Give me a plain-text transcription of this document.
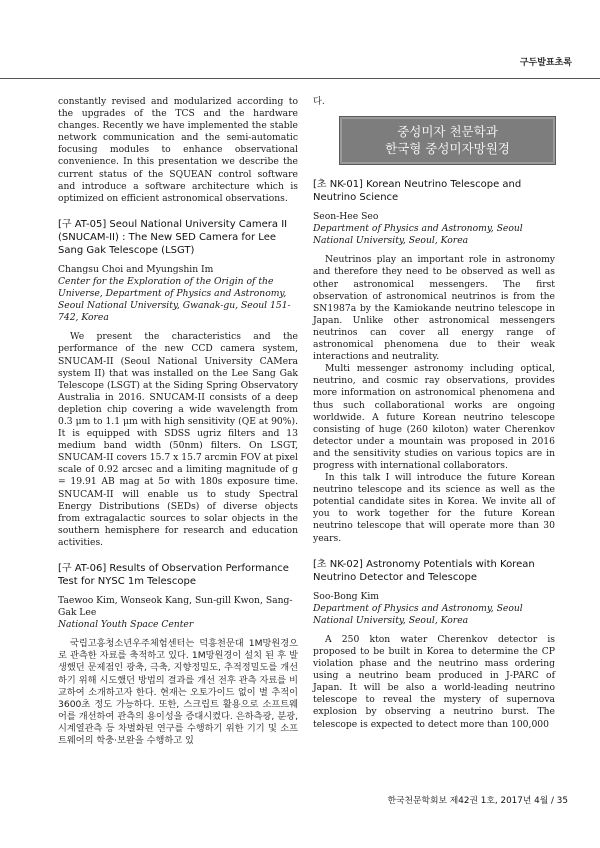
구두발표초록

constantly revised and modularized according to the upgrades of the TCS and the hardware changes. Recently we have implemented the stable network communication and the semi-automatic focusing modules to enhance observational convenience. In this presentation we describe the current status of the SQUEAN control software and introduce a software architecture which is optimized on efficient astronomical observations.

[구 AT-05] Seoul National University Camera II (SNUCAM-II) : The New SED Camera for Lee Sang Gak Telescope (LSGT)

Changsu Choi and Myungshin Im

Center for the Exploration of the Origin of the Universe, Department of Physics and Astronomy, Seoul National University, Gwanak-gu, Seoul 151-742, Korea

We present the characteristics and the performance of the new CCD camera system, SNUCAM-II (Seoul National University CAMera system II) that was installed on the Lee Sang Gak Telescope (LSGT) at the Siding Spring Observatory Australia in 2016. SNUCAM-II consists of a deep depletion chip covering a wide wavelength from 0.3 μm to 1.1 μm with high sensitivity (QE at 90%). It is equipped with SDSS ugriz filters and 13 medium band width (50nm) filters. On LSGT, SNUCAM-II covers 15.7 x 15.7 arcmin FOV at pixel scale of 0.92 arcsec and a limiting magnitude of g = 19.91 AB mag at 5σ with 180s exposure time. SNUCAM-II will enable us to study Spectral Energy Distributions (SEDs) of diverse objects from extragalactic sources to solar objects in the southern hemisphere for research and education activities.

[구 AT-06] Results of Observation Performance Test for NYSC 1m Telescope

Taewoo Kim, Wonseok Kang, Sun-gill Kwon, Sang-Gak Lee

National Youth Space Center

국립고흥청소년우주체험센터는 덕흥천문대 1M망원경으로 관측한 자료를 축적하고 있다. 1M망원경이 설치 된 후 발생했던 문제점인 광축, 극축, 지향정밀도, 추적정밀도를 개선하기 위해 시도했던 방법의 결과를 개선 전후 관측 자료를 비교하여 소개하고자 한다. 현재는 오토가이드 없이 별 추적이 3600초 정도 가능하다. 또한, 스크립트 활용으로 소프트웨어를 개선하여 관측의 용이성을 증대시켰다. 은하측광, 분광, 시계열관측 등 차별화된 연구를 수행하기 위한 기기 및 소프트웨어의 학충·보완을 수행하고 있

다.

중성미자 천문학과
한국형 중성미자망원경
[초 NK-01] Korean Neutrino Telescope and Neutrino Science

Seon-Hee Seo

Department of Physics and Astronomy, Seoul National University, Seoul, Korea

Neutrinos play an important role in astronomy and therefore they need to be observed as well as other astronomical messengers. The first observation of astronomical neutrinos is from the SN1987a by the Kamiokande neutrino telescope in Japan. Unlike other astronomical messengers neutrinos can cover all energy range of astronomical phenomena due to their weak interactions and neutrality.

Multi messenger astronomy including optical, neutrino, and cosmic ray observations, provides more information on astronomical phenomena and thus such collaborational works are ongoing worldwide. A future Korean neutrino telescope consisting of huge (260 kiloton) water Cherenkov detector under a mountain was proposed in 2016 and the sensitivity studies on various topics are in progress with international collaborators.

In this talk I will introduce the future Korean neutrino telescope and its science as well as the potential candidate sites in Korea. We invite all of you to work together for the future Korean neutrino telescope that will operate more than 30 years.

[초 NK-02] Astronomy Potentials with Korean Neutrino Detector and Telescope

Soo-Bong Kim

Department of Physics and Astronomy, Seoul National University, Seoul, Korea

A 250 kton water Cherenkov detector is proposed to be built in Korea to determine the CP violation phase and the neutrino mass ordering using a neutrino beam produced in J-PARC of Japan. It will be also a world-leading neutrino telescope to reveal the mystery of supernova explosion by observing a neutrino burst. The telescope is expected to detect more than 100,000

한국천문학회보 제42권 1호, 2017년 4월 / 35
